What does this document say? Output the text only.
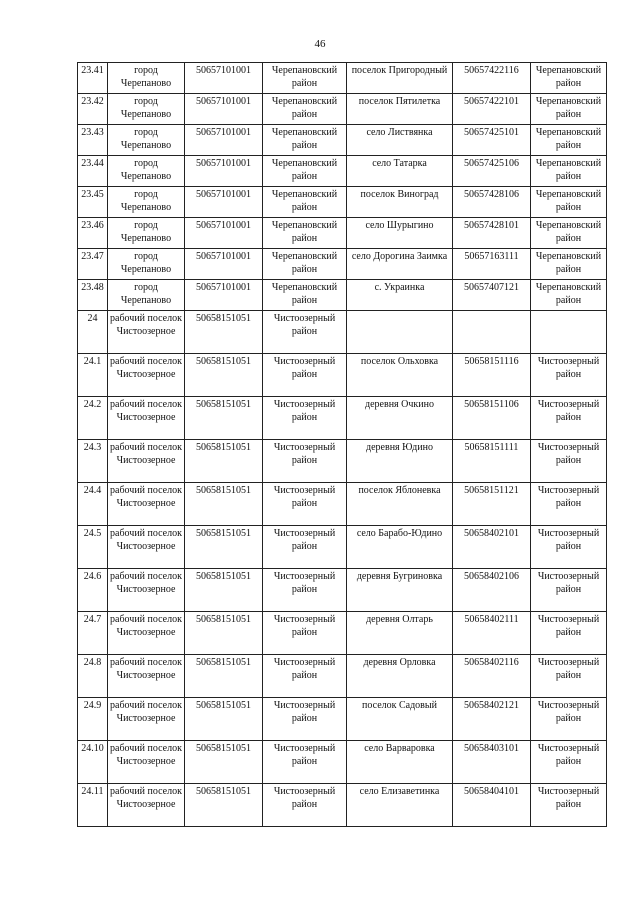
46
23.41	город Черепаново	50657101001	Черепановский район	поселок Пригородный	50657422116	Черепановский район
23.42	город Черепаново	50657101001	Черепановский район	поселок Пятилетка	50657422101	Черепановский район
23.43	город Черепаново	50657101001	Черепановский район	село Листвянка	50657425101	Черепановский район
23.44	город Черепаново	50657101001	Черепановский район	село Татарка	50657425106	Черепановский район
23.45	город Черепаново	50657101001	Черепановский район	поселок Виноград	50657428106	Черепановский район
23.46	город Черепаново	50657101001	Черепановский район	село Шурыгино	50657428101	Черепановский район
23.47	город Черепаново	50657101001	Черепановский район	село Дорогина Заимка	50657163111	Черепановский район
23.48	город Черепаново	50657101001	Черепановский район	с. Украинка	50657407121	Черепановский район
24	рабочий поселок Чистоозерное	50658151051	Чистоозерный район			
24.1	рабочий поселок Чистоозерное	50658151051	Чистоозерный район	поселок Ольховка	50658151116	Чистоозерный район
24.2	рабочий поселок Чистоозерное	50658151051	Чистоозерный район	деревня Очкино	50658151106	Чистоозерный район
24.3	рабочий поселок Чистоозерное	50658151051	Чистоозерный район	деревня Юдино	50658151111	Чистоозерный район
24.4	рабочий поселок Чистоозерное	50658151051	Чистоозерный район	поселок Яблоневка	50658151121	Чистоозерный район
24.5	рабочий поселок Чистоозерное	50658151051	Чистоозерный район	село Барабо-Юдино	50658402101	Чистоозерный район
24.6	рабочий поселок Чистоозерное	50658151051	Чистоозерный район	деревня Бугриновка	50658402106	Чистоозерный район
24.7	рабочий поселок Чистоозерное	50658151051	Чистоозерный район	деревня Олтарь	50658402111	Чистоозерный район
24.8	рабочий поселок Чистоозерное	50658151051	Чистоозерный район	деревня Орловка	50658402116	Чистоозерный район
24.9	рабочий поселок Чистоозерное	50658151051	Чистоозерный район	поселок Садовый	50658402121	Чистоозерный район
24.10	рабочий поселок Чистоозерное	50658151051	Чистоозерный район	село Варваровка	50658403101	Чистоозерный район
24.11	рабочий поселок Чистоозерное	50658151051	Чистоозерный район	село Елизаветинка	50658404101	Чистоозерный район
